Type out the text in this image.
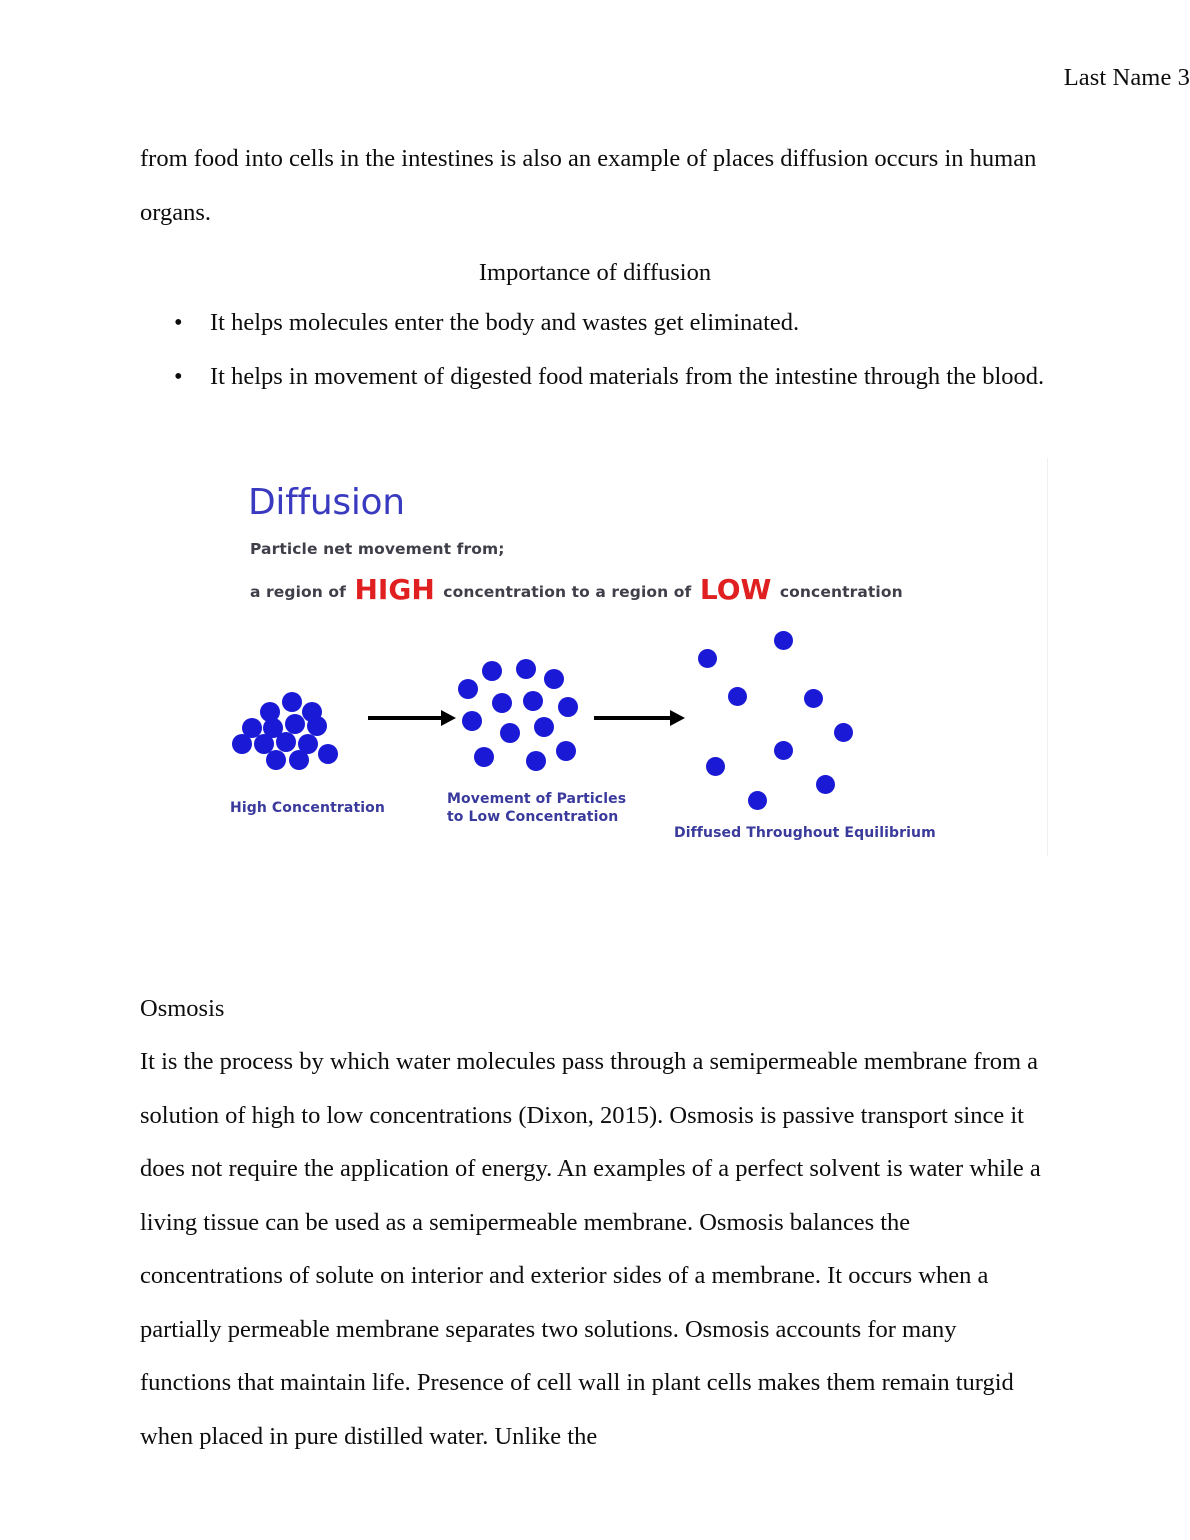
Last Name 3
from food into cells in the intestines is also an example of places diffusion occurs in human organs.
Importance of diffusion
• It helps molecules enter the body and wastes get eliminated.
• It helps in movement of digested food materials from the intestine through the blood.
Diffusion
Particle net movement from;
a region of HIGH concentration to a region of LOW concentration
High Concentration
Movement of Particles
to Low Concentration
Diffused Throughout Equilibrium
Osmosis
It is the process by which water molecules pass through a semipermeable membrane from a solution of high to low concentrations (Dixon, 2015). Osmosis is passive transport since it does not require the application of energy. An examples of a perfect solvent is water while a living tissue can be used as a semipermeable membrane. Osmosis balances the concentrations of solute on interior and exterior sides of a membrane. It occurs when a partially permeable membrane separates two solutions. Osmosis accounts for many functions that maintain life. Presence of cell wall in plant cells makes them remain turgid when placed in pure distilled water. Unlike the
